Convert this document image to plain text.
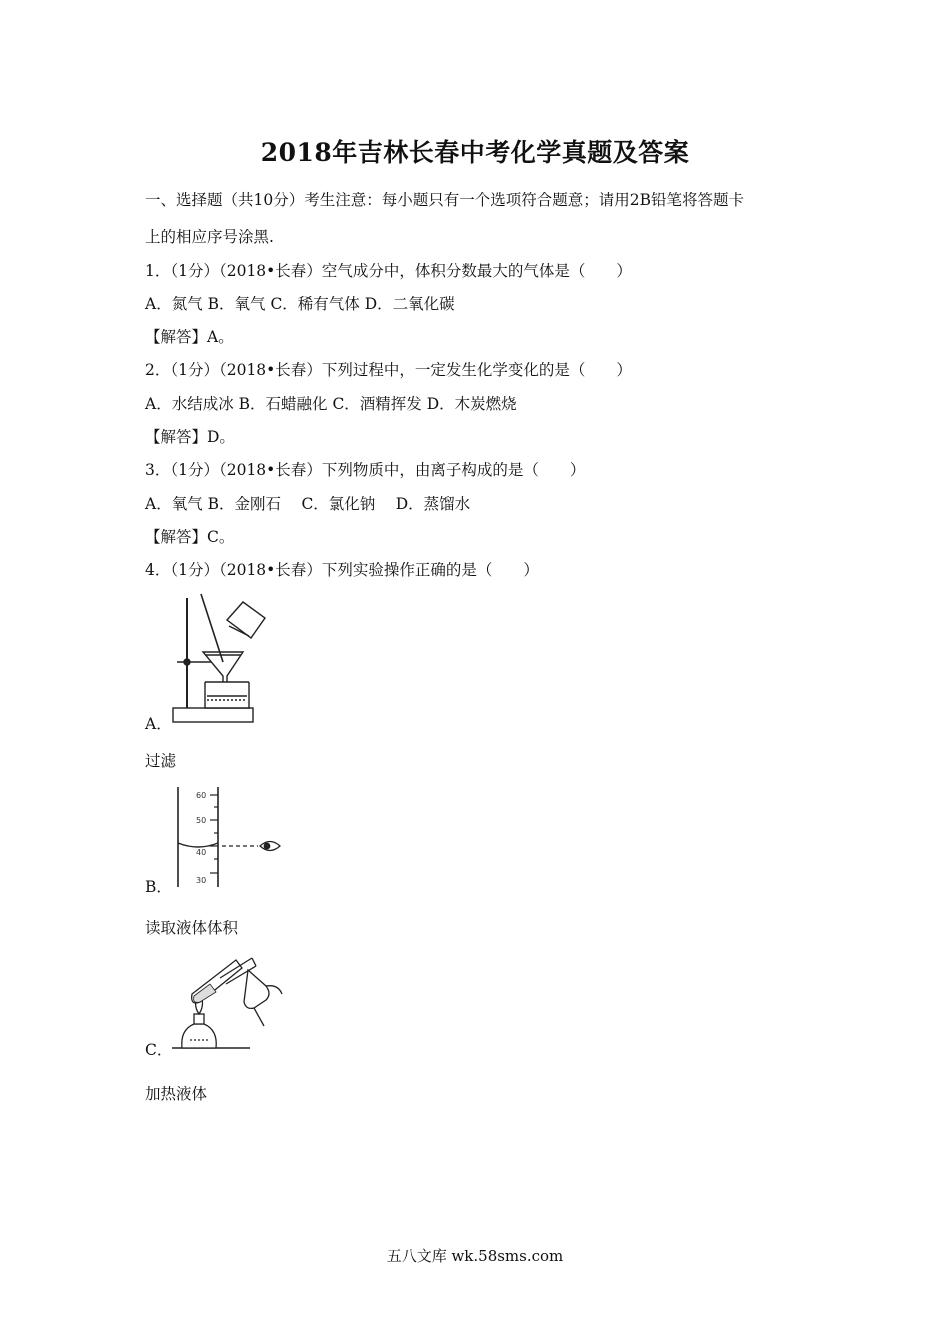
2018年吉林长春中考化学真题及答案
一、选择题（共10分）考生注意：每小题只有一个选项符合题意；请用2B铅笔将答题卡
上的相应序号涂黑.
1．（1分）（2018•长春）空气成分中，体积分数最大的气体是（　　）
A．氮气 B．氧气 C．稀有气体 D．二氧化碳
【解答】A。
2．（1分）（2018•长春）下列过程中，一定发生化学变化的是（　　）
A．水结成冰 B．石蜡融化 C．酒精挥发 D．木炭燃烧
【解答】D。
3．（1分）（2018•长春）下列物质中，由离子构成的是（　　）
A．氧气 B．金刚石　 C．氯化钠　 D．蒸馏水
【解答】C。
4．（1分）（2018•长春）下列实验操作正确的是（　　）
A．
过滤
60
50
40
30
B．
读取液体体积
C．
加热液体
五八文库 wk.58sms.com
